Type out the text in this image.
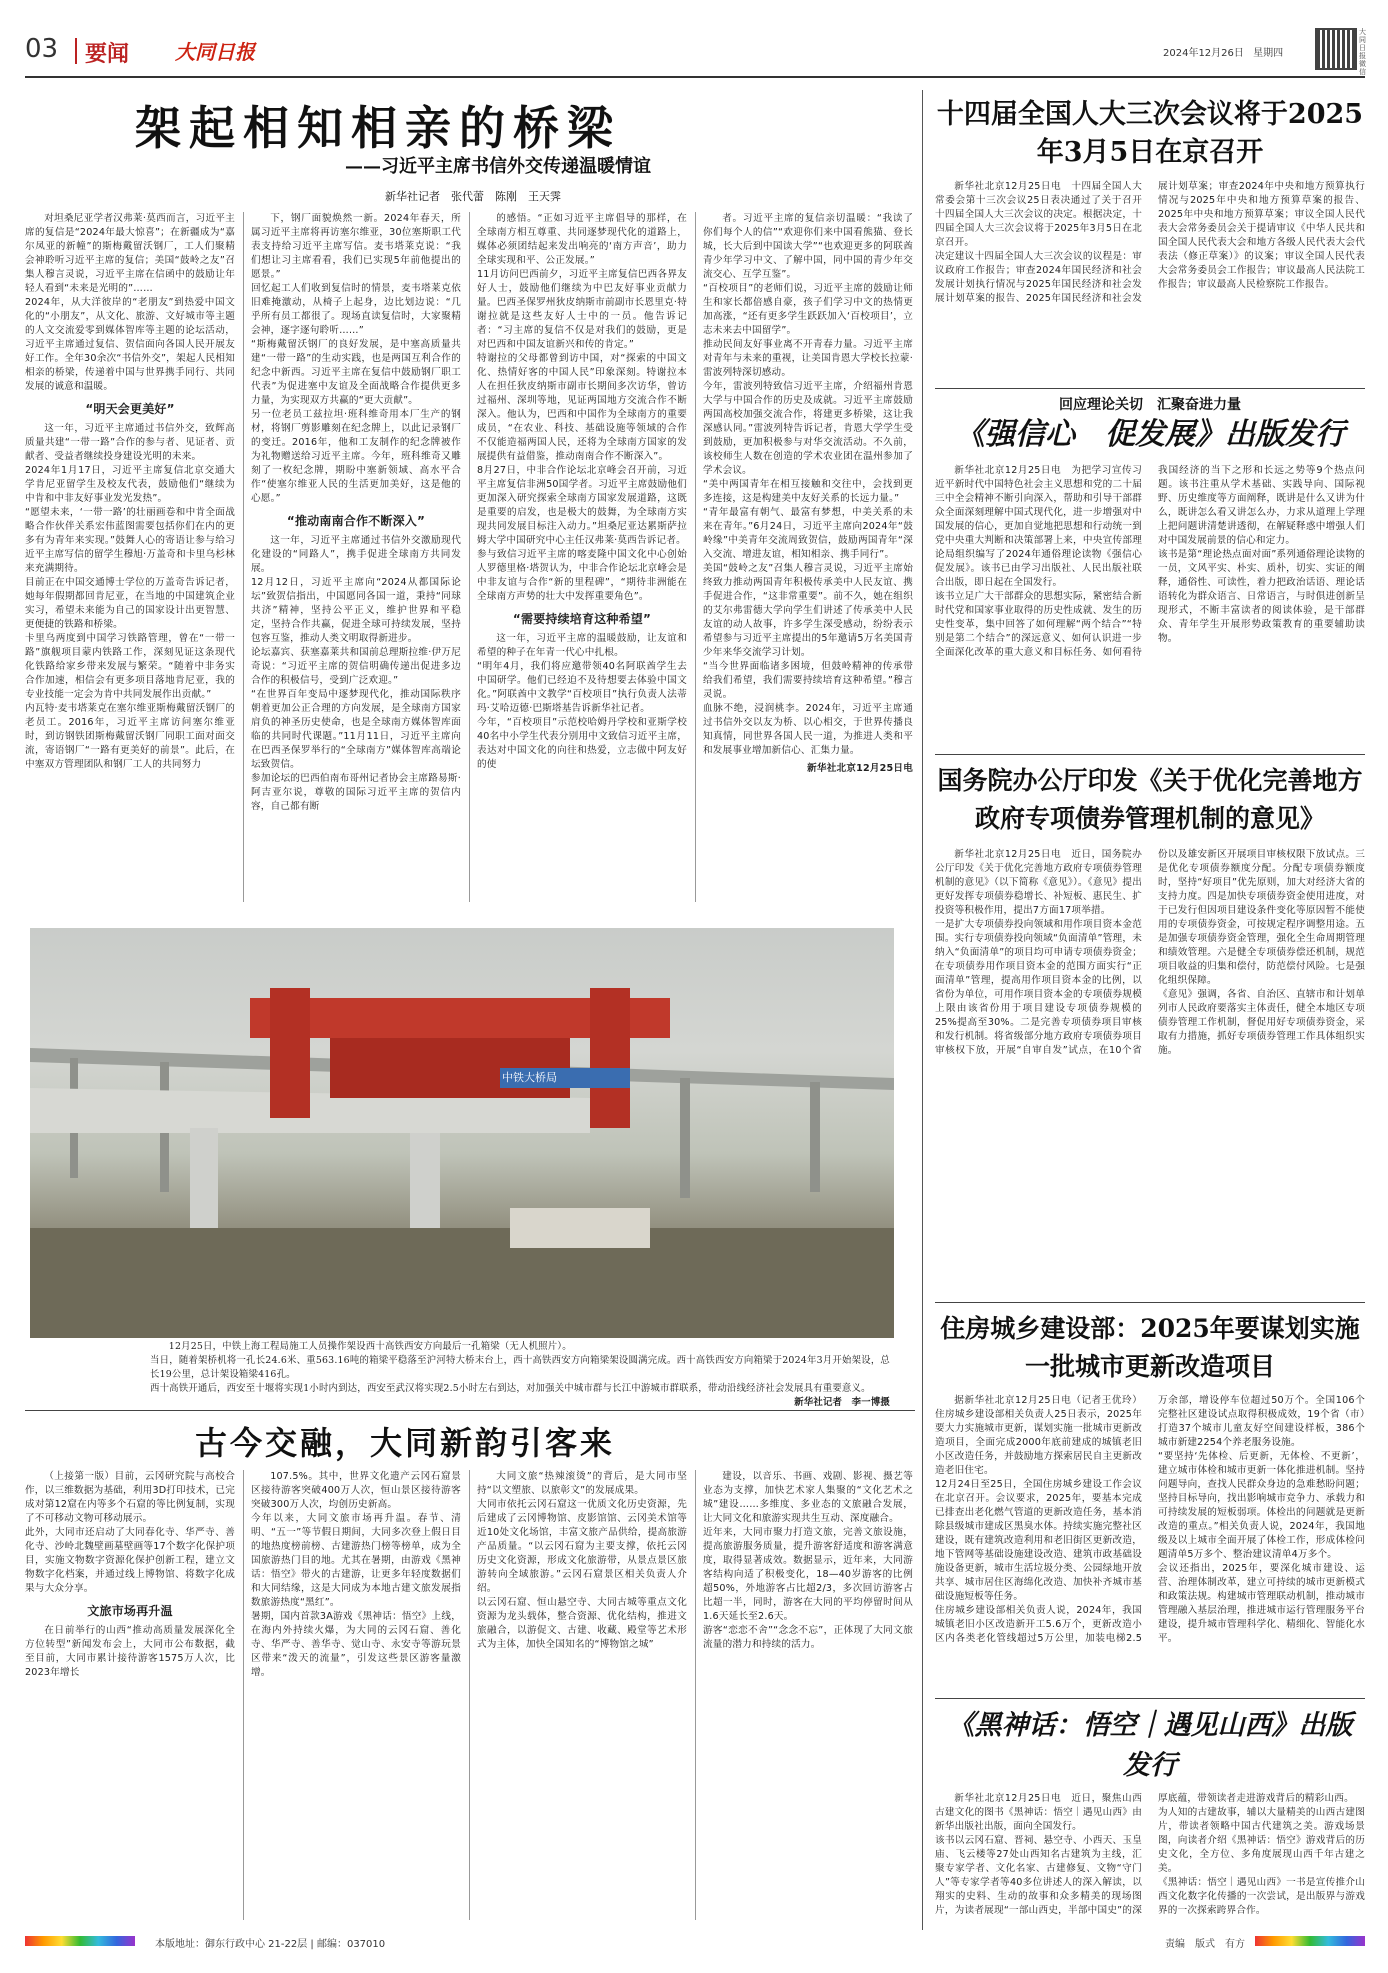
03 要闻 大同日报	2024年12月26日 星期四
大同日报微信
架起相知相亲的桥梁
——习近平主席书信外交传递温暖情谊
新华社记者　张代蕾　陈刚　王天霁
对坦桑尼亚学者汉弗莱·莫西而言，习近平主席的复信是“2024年最大惊喜”；在新疆成为“嘉尔凤亚的新幢”的斯梅戴留沃钢厂，工人们聚精会神聆听习近平主席的复信；美国“鼓岭之友”召集人穆言灵说，习近平主席在信函中的鼓励让年轻人看到“未来是光明的”……
2024年，从大洋彼岸的“老朋友”到热爱中国文化的“小朋友”，从文化、旅游、文好城市等主题的人文交流爱零到媒体智库等主题的论坛活动，习近平主席通过复信、贺信面向各国人民开展友好工作。全年30余次“书信外交”，架起人民相知相亲的桥梁，传递着中国与世界携手同行、共同发展的诚意和温暖。
“明天会更美好”
这一年，习近平主席通过书信外交，致辉高质量共建“一带一路”合作的参与者、见证者、贡献者、受益者继续投身建设光明的未来。
2024年1月17日，习近平主席复信北京交通大学肯尼亚留学生及校友代表，鼓励他们“继续为中肯和中非友好事业发光发热”。
“愿望未来，‘一带一路’的壮丽画卷和中肯全面战略合作伙伴关系宏伟蓝图需要包括你们在内的更多有为青年来实现。”鼓舞人心的寄语让参与给习近平主席写信的留学生穆旭·万盖奇和卡里乌杉林来充满期待。
目前正在中国交通博士学位的万盖奇告诉记者，她每年假期都回肯尼亚，在当地的中国建筑企业实习，希望未来能为自己的国家设计出更智慧、更便捷的铁路和桥梁。
卡里乌两度到中国学习铁路管理，曾在“一带一路”旗舰项目蒙内铁路工作，深刻见证这条现代化铁路给家乡带来发展与繁荣。“随着中非务实合作加速，相信会有更多项目落地肯尼亚，我的专业技能一定会为肯中共同发展作出贡献。”
内瓦特·麦韦塔莱克在塞尔维亚斯梅戴留沃钢厂的老员工。2016年，习近平主席访问塞尔维亚时，到访钢铁团斯梅戴留沃钢厂同职工面对面交流，寄语钢厂“一路有更美好的前景”。此后，在中塞双方管理团队和钢厂工人的共同努力
下，钢厂面貌焕然一新。2024年春天，所属习近平主席将再访塞尔维亚，30位塞斯职工代表支持给习近平主席写信。麦韦塔莱克说：“我们想让习主席看看，我们已实现5年前他提出的愿景。”
回忆起工人们收到复信时的情景，麦韦塔莱克依旧难掩激动，从椅子上起身，边比划边说：“几乎所有员工都很了。现场直读复信时，大家聚精会神，逐字逐句聆听……”
“斯梅戴留沃钢厂的良好发展，是中塞高质量共建“一带一路”的生动实践，也是两国互利合作的纪念中新西。习近平主席在复信中鼓励钢厂职工代表”为促进塞中友谊及全面战略合作提供更多力量，为实现双方共赢的“更大贡献”。
另一位老员工兹拉坦·班科维奇用本厂生产的钢材，将钢厂剪影雕刻在纪念牌上，以此记录钢厂的变迁。2016年，他和工友制作的纪念牌被作为礼物赠送给习近平主席。今年，班科维奇又雕刻了一枚纪念牌，期盼中塞新领域、高水平合作“使塞尔维亚人民的生活更加美好，这是他的心愿。”
“推动南南合作不断深入”
这一年，习近平主席通过书信外交激励现代化建设的“同路人”，携手促进全球南方共同发展。
12月12日，习近平主席向“2024从都国际论坛”致贺信指出，中国愿同各国一道，秉持“同球共济”精神，坚持公平正义，维护世界和平稳定，坚持合作共赢，促进全球可持续发展，坚持包容互鉴，推动人类文明取得新进步。
论坛嘉宾、获塞嘉莱共和国前总理斯拉维·伊万尼奇说：“习近平主席的贺信明确传递出促进多边合作的积极信号，受到广泛欢迎。”
“在世界百年变局中逐梦现代化，推动国际秩序朝着更加公正合理的方向发展，是全球南方国家肩负的神圣历史使命，也是全球南方媒体智库面临的共同时代课题。”11月11日，习近平主席向在巴西圣保罗举行的“全球南方”媒体智库高端论坛致贺信。
参加论坛的巴西伯南布哥州记者协会主席路易斯·阿吉亚尔说，尊敬的国际习近平主席的贺信内容，自己都有断
的感悟。“正如习近平主席倡导的那样，在全球南方相互尊重、共同逐梦现代化的道路上，媒体必须团结起来发出响亮的‘南方声音’，助力全球实现和平、公正发展。”
11月访问巴西前夕，习近平主席复信巴西各界友好人士，鼓励他们继续为中巴友好事业贡献力量。巴西圣保罗州狄皮纳斯市前副市长恩里克·特谢拉就是这些友好人士中的一员。他告诉记者：“习主席的复信不仅是对我们的鼓励，更是对巴西和中国友谊新兴和传的肯定。”
特谢拉的父母都曾到访中国，对“探索的中国文化、热情好客的中国人民”印象深刻。特谢拉本人在担任狄皮纳斯市副市长期间多次访华，曾访过福州、深圳等地，见证两国地方交流合作不断深入。他认为，巴西和中国作为全球南方的重要成员，“在农业、科技、基础设施等领域的合作不仅能造福两国人民，还将为全球南方国家的发展提供有益借鉴，推动南南合作不断深入”。
8月27日，中非合作论坛北京峰会召开前，习近平主席复信非洲50国学者。习近平主席鼓励他们更加深入研究探索全球南方国家发展道路，这既是重要的启发，也是极大的鼓舞，为全球南方实现共同发展目标注入动力。”坦桑尼亚达累斯萨拉姆大学中国研究中心主任汉弗莱·莫西告诉记者。
参与致信习近平主席的喀麦隆中国文化中心创始人罗德里格·塔贺认为，中非合作论坛北京峰会是中非友谊与合作“新的里程碑”，“期待非洲能在全球南方声势的壮大中发挥重要角色”。
“需要持续培育这种希望”
这一年，习近平主席的温暖鼓励，让友谊和希望的种子在年青一代心中扎根。
“明年4月，我们将应邀带领40名阿联酋学生去中国研学。他们已经迫不及待想要去体验中国文化。”阿联酋中文教学“百校项目”执行负责人法蒂玛·艾哈迈德·巴斯塔基告诉新华社记者。
今年，“百校项目”示范校哈姆丹学校和亚斯学校40名中小学生代表分别用中文致信习近平主席，表达对中国文化的向往和热爱，立志做中阿友好的使
者。习近平主席的复信亲切温暖：“我读了你们每个人的信”“欢迎你们来中国看熊猫、登长城，长大后到中国读大学”“也欢迎更多的阿联酋青少年学习中文、了解中国，同中国的青少年交流交心、互学互鉴”。
“百校项目”的老师们说，习近平主席的鼓励让师生和家长都倍感自豪，孩子们学习中文的热情更加高涨，“还有更多学生跃跃加入‘百校项目’，立志未来去中国留学”。
推动民间友好事业离不开青春力量。习近平主席对青年与未来的重视，让美国肯恩大学校长拉蒙·雷波列特深切感动。
今年，雷波列特致信习近平主席，介绍福州肯恩大学与中国合作的历史及成就。习近平主席鼓励两国高校加强交流合作，将建更多桥梁，这让我深感认同。”雷波列特告诉记者，肯恩大学学生受到鼓励，更加积极参与对华交流活动。不久前，该校师生人数在创造的学术农业团在温州参加了学术会议。
“美中两国青年在相互接触和交往中，会找到更多连接，这是构建美中友好关系的长远力量。”
“青年最富有朝气、最富有梦想，中美关系的未来在青年。”6月24日，习近平主席向2024年“鼓岭缘”中美青年交流周致贺信，鼓励两国青年“深入交流、增进友谊，相知相亲、携手同行”。
美国“鼓岭之友”召集人穆言灵说，习近平主席始终致力推动两国青年积极传承美中人民友谊、携手促进合作，“这非常重要”。前不久，她在组织的艾尔弗雷德大学向学生们讲述了传承美中人民友谊的动人故事，许多学生深受感动，纷纷表示希望参与习近平主席提出的5年邀请5万名美国青少年来华交流学习计划。
“当今世界面临诸多困境，但鼓岭精神的传承带给我们希望，我们需要持续培育这种希望。”穆言灵说。
血脉不绝，浸润桃李。2024年，习近平主席通过书信外交以友为桥、以心相交，于世界传播良知真情，同世界各国人民一道，为推进人类和平和发展事业增加新信心、汇集力量。
新华社北京12月25日电
中铁大桥局
12月25日，中铁上海工程局施工人员操作架设西十高铁西安方向最后一孔箱梁（无人机照片）。
当日，随着架桥机将一孔长24.6米、重563.16吨的箱梁平稳落至沪河特大桥末台上，西十高铁西安方向箱梁架设圆满完成。西十高铁西安方向箱梁于2024年3月开始架设，总长19公里，总计架设箱梁416孔。
西十高铁开通后，西安至十堰将实现1小时内到达，西安至武汉将实现2.5小时左右到达，对加强关中城市群与长江中游城市群联系，带动沿线经济社会发展具有重要意义。
新华社记者　李一博摄
古今交融，大同新韵引客来
（上接第一版）目前，云冈研究院与高校合作，以三维数据为基础，利用3D打印技术，已完成对第12窟在内等多个石窟的等比例复制，实现了不可移动文物可移动展示。
此外，大同市还启动了大同春化寺、华严寺、善化寺、沙岭北魏壁画墓壁画等17个数字化保护项目，实施文物数字资源化保护创新工程，建立文物数字化档案，并通过线上博物馆、将数字化成果与大众分享。
文旅市场再升温
在日前举行的山西“推动高质量发展深化全方位转型”新闻发布会上，大同市公布数据，截至目前，大同市累计接待游客1575万人次，比2023年增长
107.5%。其中，世界文化遗产云冈石窟景区接待游客突破400万人次，恒山景区接待游客突破300万人次，均创历史新高。
今年以来，大同文旅市场再升温。春节、清明、“五一”等节假日期间，大同多次登上假日目的地热度榜前榜、古建游热门榜等榜单，成为全国旅游热门目的地。尤其在暑期，由游戏《黑神话：悟空》带火的古建游，让更多年轻度数据们和大同结缘，这是大同成为本地古建文旅发展指数旅游热度“黑红”。
暑期，国内首款3A游戏《黑神话：悟空》上线，在海内外持续火爆，为大同的云冈石窟、善化寺、华严寺、善华寺、觉山寺、永安寺等游玩景区带来“泼天的流量”，引发这些景区游客量激增。
大同文旅“热辣滚烫”的背后，是大同市坚持“以文塑旅、以旅彰文”的发展成果。
大同市依托云冈石窟这一优质文化历史资源，先后建成了云冈博物馆、皮影馆馆、云冈美术馆等近10处文化场馆，丰富文旅产品供给，提高旅游产品质量。“以云冈石窟为主要支撑，依托云冈历史文化资源，形成文化旅游带，从景点景区旅游转向全域旅游。”云冈石窟景区相关负责人介绍。
以云冈石窟、恒山悬空寺、大同古城等重点文化资源为龙头载体，整合资源、优化结构，推进文旅融合，以游促文、古建、收藏、殿堂等艺术形式为主体，加快全国知名的“博物馆之城”
建设，以音乐、书画、戏剧、影视、摄艺等业态为支撑，加快艺术家人集聚的“文化艺术之城”建设……多维度、多业态的文旅融合发展，让大同文化和旅游实现共生互动、深度融合。
近年来，大同市聚力打造文旅，完善文旅设施，提高旅游服务质量，提升游客舒适度和游客满意度，取得显著成效。数据显示，近年来，大同游客结构向适了积极变化，18—40岁游客的比例超50%，外地游客占比超2/3，多次回访游客占比超一半，同时，游客在大同的平均停留时间从1.6天延长至2.6天。
游客“恋恋不舍”“念念不忘”，正体现了大同文旅流量的潜力和持续的活力。
十四届全国人大三次会议将于2025年3月5日在京召开
新华社北京12月25日电　十四届全国人大常委会第十三次会议25日表决通过了关于召开十四届全国人大三次会议的决定。根据决定，十四届全国人大三次会议将于2025年3月5日在北京召开。
决定建议十四届全国人大三次会议的议程是：审议政府工作报告；审查2024年国民经济和社会发展计划执行情况与2025年国民经济和社会发展计划草案的报告、2025年国民经济和社会发展计划草案；审查2024年中央和地方预算执行情况与2025年中央和地方预算草案的报告、2025年中央和地方预算草案；审议全国人民代表大会常务委员会关于提请审议《中华人民共和国全国人民代表大会和地方各级人民代表大会代表法（修正草案）》的议案；审议全国人民代表大会常务委员会工作报告；审议最高人民法院工作报告；审议最高人民检察院工作报告。
回应理论关切　汇聚奋进力量
《强信心　促发展》出版发行
新华社北京12月25日电　为把学习宣传习近平新时代中国特色社会主义思想和党的二十届三中全会精神不断引向深入，帮助和引导干部群众全面深刻理解中国式现代化，进一步增强对中国发展的信心，更加自觉地把思想和行动统一到党中央重大判断和决策部署上来，中央宣传部理论局组织编写了2024年通俗理论读物《强信心　促发展》。该书已由学习出版社、人民出版社联合出版，即日起在全国发行。
该书立足广大干部群众的思想实际，紧密结合新时代党和国家事业取得的历史性成就、发生的历史性变革，集中回答了如何理解“两个结合”“特别是第二个结合”的深远意义、如何认识进一步全面深化改革的重大意义和目标任务、如何看待我国经济的当下之形和长远之势等9个热点问题。该书注重从学术基础、实践导向、国际视野、历史维度等方面阐释，既讲是什么又讲为什么，既讲怎么看又讲怎么办，力求从道理上学理上把问题讲清楚讲透彻，在解疑释惑中增强人们对中国发展前景的信心和定力。
该书是第“理论热点面对面”系列通俗理论读物的一员，文风平实、朴实、质朴，切实、实证的阐释，通俗性、可读性，着力把政治话语、理论话语转化为群众语言、日常语言，与时俱进创新呈现形式，不断丰富读者的阅读体验，是干部群众、青年学生开展形势政策教育的重要辅助读物。
国务院办公厅印发《关于优化完善地方政府专项债券管理机制的意见》
新华社北京12月25日电　近日，国务院办公厅印发《关于优化完善地方政府专项债券管理机制的意见》（以下简称《意见》）。《意见》提出更好发挥专项债券稳增长、补短板、惠民生、扩投资等积极作用，提出7方面17项举措。
一是扩大专项债券投向领域和用作项目资本金范围。实行专项债券投向领域“负面清单”管理，未纳入“负面清单”的项目均可申请专项债券资金；在专项债券用作项目资本金的范围方面实行“正面清单”管理，提高用作项目资本金的比例，以省份为单位，可用作项目资本金的专项债券规模上限由该省份用于项目建设专项债券规模的25%提高至30%。二是完善专项债券项目审核和发行机制。将省级部分地方政府专项债券项目审核权下放，开展“自审自发”试点，在10个省份以及雄安新区开展项目审核权限下放试点。三是优化专项债券额度分配。分配专项债券额度时，坚持“好项目”优先原则，加大对经济大省的支持力度。四是加快专项债券资金使用进度，对于已发行但因项目建设条件变化等原因暂不能使用的专项债券资金，可按规定程序调整用途。五是加强专项债券资金管理，强化全生命周期管理和绩效管理。六是健全专项债券偿还机制，规范项目收益的归集和偿付，防范偿付风险。七是强化组织保障。
《意见》强调，各省、自治区、直辖市和计划单列市人民政府要落实主体责任，健全本地区专项债券管理工作机制，督促用好专项债券资金，采取有力措施，抓好专项债券管理工作具体组织实施。
住房城乡建设部：2025年要谋划实施一批城市更新改造项目
据新华社北京12月25日电（记者王优玲）住房城乡建设部相关负责人25日表示，2025年要大力实施城市更新，谋划实施一批城市更新改造项目，全面完成2000年底前建成的城镇老旧小区改造任务，并鼓励地方探索居民自主更新改造老旧住宅。
12月24日至25日，全国住房城乡建设工作会议在北京召开。会议要求，2025年，要基本完成已排查出老化燃气管道的更新改造任务，基本消除县级城市建成区黑臭水体。持续实施完整社区建设，既有建筑改造利用和老旧街区更新改造，地下管网等基础设施建设改造、建筑市政基础设施设备更新，城市生活垃圾分类、公园绿地开放共享、城市居住区海绵化改造、加快补齐城市基础设施短板等任务。
住房城乡建设部相关负责人说，2024年，我国城镇老旧小区改造新开工5.6万个，更新改造小区内各类老化管线超过5万公里，加装电梯2.5万余部，增设停车位超过50万个。全国106个完整社区建设试点取得积极成效，19个省（市）打造37个城市儿童友好空间建设样板，386个城市新建2254个养老服务设施。
“要坚持‘先体检、后更新，无体检、不更新’，建立城市体检和城市更新一体化推进机制。坚持问题导向，查找人民群众身边的急难愁盼问题；坚持目标导向，找出影响城市竞争力、承载力和可持续发展的短板弱项。体检出的问题就是更新改造的重点。”相关负责人说，2024年，我国地级及以上城市全面开展了体检工作，形成体检问题清单5万多个、整治建议清单4万多个。
会议还指出，2025年，要深化城市建设、运营、治理体制改革，建立可持续的城市更新模式和政策法规。构建城市管理联动机制，推动城市管理融入基层治理，推进城市运行管理服务平台建设，提升城市管理科学化、精细化、智能化水平。
《黑神话：悟空｜遇见山西》出版发行
新华社北京12月25日电　近日，聚焦山西古建文化的图书《黑神话：悟空｜遇见山西》由新华出版社出版，面向全国发行。
该书以云冈石窟、晋祠、悬空寺、小西天、玉皇庙、飞云楼等27处山西知名古建筑为主线，汇聚专家学者、文化名家、古建修复、文物“守门人”等专家学者等40多位讲述人的深入解读，以翔实的史料、生动的故事和众多精美的现场图片，为读者展现“一部山西史，半部中国史”的深厚底蕴，带领读者走进游戏背后的精彩山西。
为人知的古建故事，辅以大量精美的山西古建图片，带读者领略中国古代建筑之美。游戏场景图，向读者介绍《黑神话：悟空》游戏背后的历史文化，全方位、多角度展现山西千年古建之美。
《黑神话：悟空｜遇见山西》一书是宣传推介山西文化数字化传播的一次尝试，是出版界与游戏界的一次探索跨界合作。
本版地址：御东行政中心 21-22层 | 邮编：037010	责编　版式　有方
